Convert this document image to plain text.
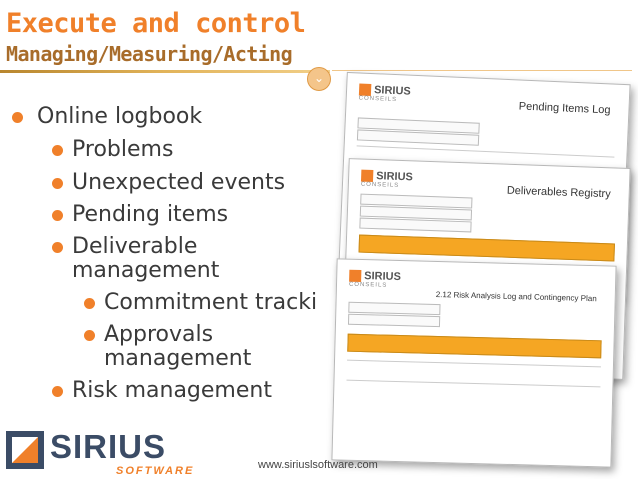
Execute and control
Managing/Measuring/Acting
⌄
SIRIUS
CONSEILS
Pending Items Log
SIRIUS
CONSEILS	Deliverables Registry
SIRIUS
CONSEILS
2.12 Risk Analysis Log and Contingency Plan
Online logbook
Problems
Unexpected events
Pending items
Deliverable
management
Commitment tracki
Approvals
management
Risk management
SIRIUS
SOFTWARE	www.siriuslsoftware.com
